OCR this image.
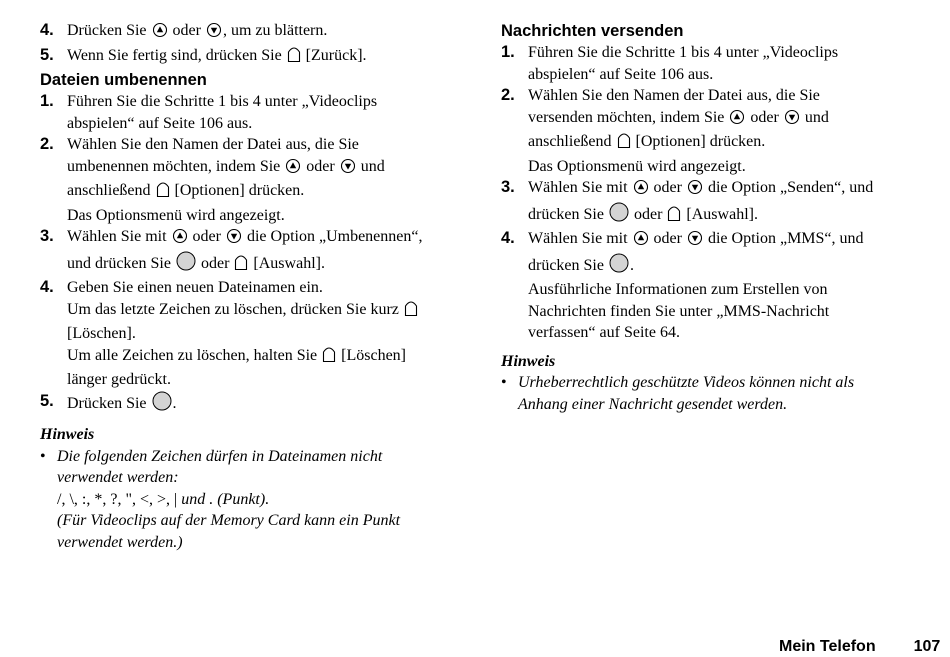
4. Drücken Sie  oder , um zu blättern.
5. Wenn Sie fertig sind, drücken Sie  [Zurück].
Dateien umbenennen
1. Führen Sie die Schritte 1 bis 4 unter „Videoclips
abspielen“ auf Seite 106 aus.
2. Wählen Sie den Namen der Datei aus, die Sie
umbenennen möchten, indem Sie  oder  und
anschließend  [Optionen] drücken.
Das Optionsmenü wird angezeigt.
3. Wählen Sie mit  oder  die Option „Umbenennen“,
und drücken Sie  oder  [Auswahl].
4. Geben Sie einen neuen Dateinamen ein.
Um das letzte Zeichen zu löschen, drücken Sie kurz
[Löschen].
Um alle Zeichen zu löschen, halten Sie  [Löschen]
länger gedrückt.
5. Drücken Sie .
Hinweis
• Die folgenden Zeichen dürfen in Dateinamen nicht
verwendet werden:
/, \, :, *, ?, ", <, >, | und . (Punkt).
(Für Videoclips auf der Memory Card kann ein Punkt
verwendet werden.)
Nachrichten versenden
1. Führen Sie die Schritte 1 bis 4 unter „Videoclips
abspielen“ auf Seite 106 aus.
2. Wählen Sie den Namen der Datei aus, die Sie
versenden möchten, indem Sie  oder  und
anschließend  [Optionen] drücken.
Das Optionsmenü wird angezeigt.
3. Wählen Sie mit  oder  die Option „Senden“, und
drücken Sie  oder  [Auswahl].
4. Wählen Sie mit  oder  die Option „MMS“, und
drücken Sie .
Ausführliche Informationen zum Erstellen von
Nachrichten finden Sie unter „MMS-Nachricht
verfassen“ auf Seite 64.
Hinweis
• Urheberrechtlich geschützte Videos können nicht als
Anhang einer Nachricht gesendet werden.
Mein Telefon 107
